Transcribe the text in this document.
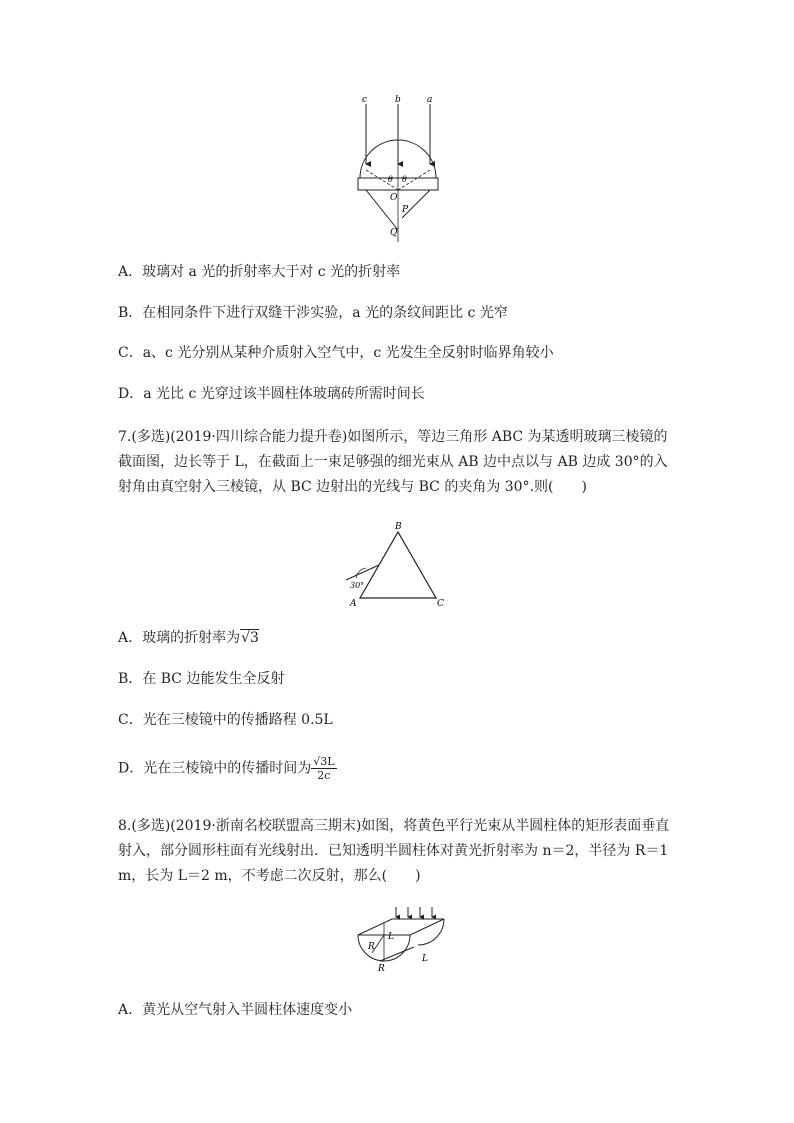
c	b	a
θ θ
O
P
Q
A．玻璃对 a 光的折射率大于对 c 光的折射率
B．在相同条件下进行双缝干涉实验，a 光的条纹间距比 c 光窄
C．a、c 光分别从某种介质射入空气中，c 光发生全反射时临界角较小
D．a 光比 c 光穿过该半圆柱体玻璃砖所需时间长
7.(多选)(2019·四川综合能力提升卷)如图所示，等边三角形 ABC 为某透明玻璃三棱镜的截面图，边长等于 L，在截面上一束足够强的细光束从 AB 边中点以与 AB 边成 30°的入射角由真空射入三棱镜，从 BC 边射出的光线与 BC 的夹角为 30°.则(　　)
B
A	C
30°
A．玻璃的折射率为√3
B．在 BC 边能发生全反射
C．光在三棱镜中的传播路程 0.5L
D．光在三棱镜中的传播时间为 $\frac{√3L}{2c}$
8.(多选)(2019·浙南名校联盟高三期末)如图，将黄色平行光束从半圆柱体的矩形表面垂直射入，部分圆形柱面有光线射出．已知透明半圆柱体对黄光折射率为 n＝2，半径为 R＝1 m，长为 L＝2 m，不考虑二次反射，那么(　　)
R
L
R
L
A．黄光从空气射入半圆柱体速度变小
